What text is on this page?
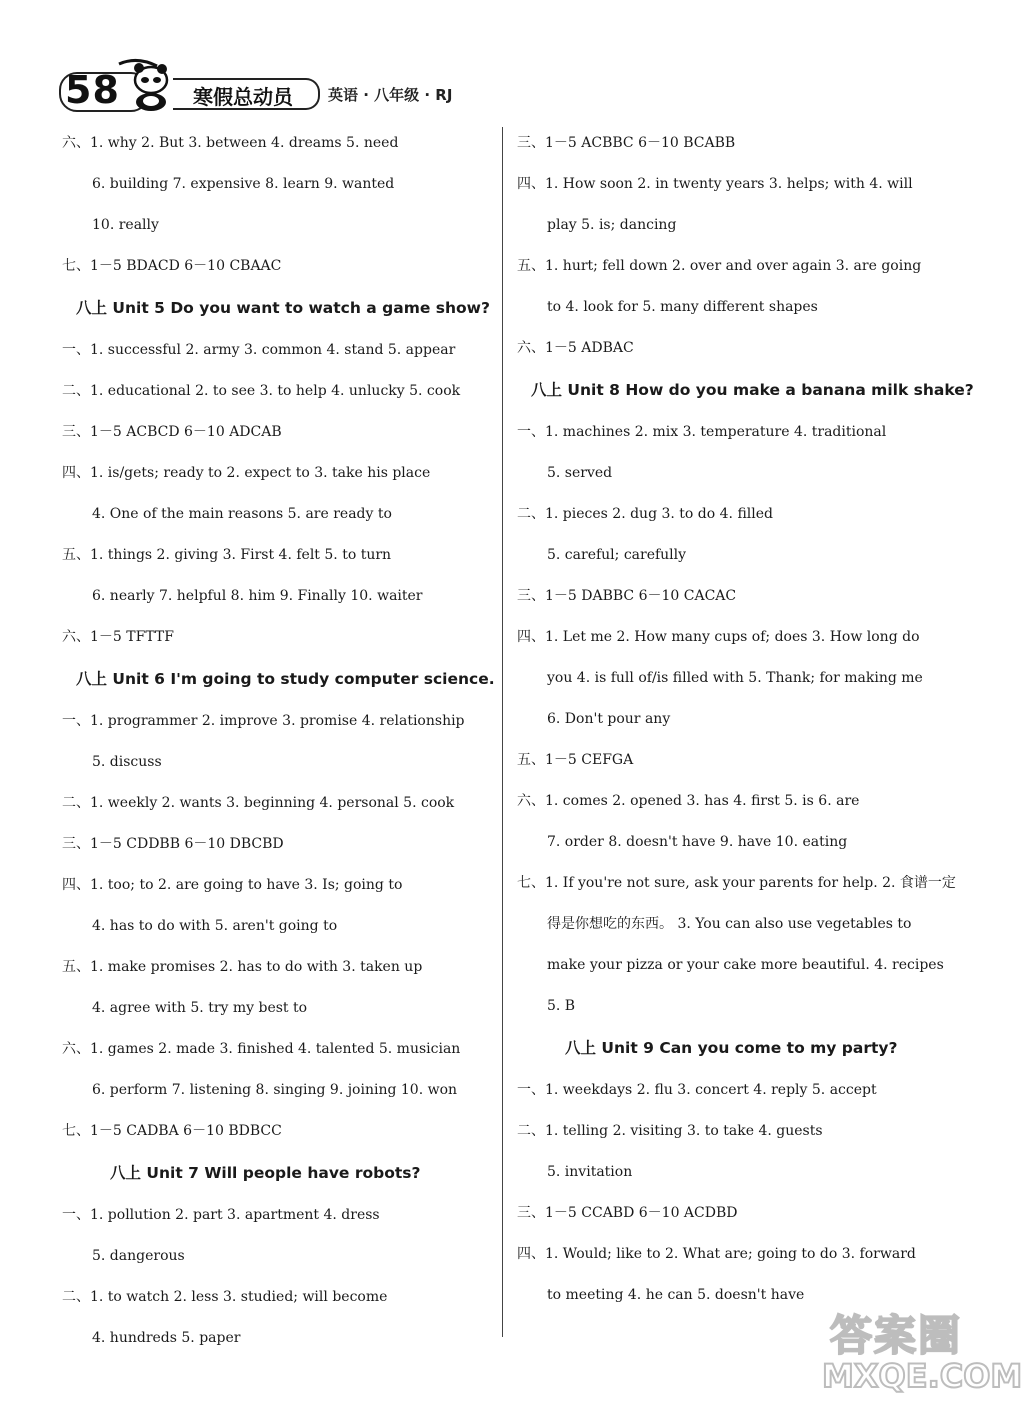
58	寒假总动员 英语 · 八年级 · RJ
六、1. why 2. But 3. between 4. dreams 5. need
6. building 7. expensive 8. learn 9. wanted
10. really
七、1－5 BDACD 6－10 CBAAC
八上 Unit 5 Do you want to watch a game show?
一、1. successful 2. army 3. common 4. stand 5. appear
二、1. educational 2. to see 3. to help 4. unlucky 5. cook
三、1－5 ACBCD 6－10 ADCAB
四、1. is/gets; ready to 2. expect to 3. take his place
4. One of the main reasons 5. are ready to
五、1. things 2. giving 3. First 4. felt 5. to turn
6. nearly 7. helpful 8. him 9. Finally 10. waiter
六、1－5 TFTTF
八上 Unit 6 I'm going to study computer science.
一、1. programmer 2. improve 3. promise 4. relationship
5. discuss
二、1. weekly 2. wants 3. beginning 4. personal 5. cook
三、1－5 CDDBB 6－10 DBCBD
四、1. too; to 2. are going to have 3. Is; going to
4. has to do with 5. aren't going to
五、1. make promises 2. has to do with 3. taken up
4. agree with 5. try my best to
六、1. games 2. made 3. finished 4. talented 5. musician
6. perform 7. listening 8. singing 9. joining 10. won
七、1－5 CADBA 6－10 BDBCC
八上 Unit 7 Will people have robots?
一、1. pollution 2. part 3. apartment 4. dress
5. dangerous
二、1. to watch 2. less 3. studied; will become
4. hundreds 5. paper
三、1－5 ACBBC 6－10 BCABB
四、1. How soon 2. in twenty years 3. helps; with 4. will
play 5. is; dancing
五、1. hurt; fell down 2. over and over again 3. are going
to 4. look for 5. many different shapes
六、1－5 ADBAC
八上 Unit 8 How do you make a banana milk shake?
一、1. machines 2. mix 3. temperature 4. traditional
5. served
二、1. pieces 2. dug 3. to do 4. filled
5. careful; carefully
三、1－5 DABBC 6－10 CACAC
四、1. Let me 2. How many cups of; does 3. How long do
you 4. is full of/is filled with 5. Thank; for making me
6. Don't pour any
五、1－5 CEFGA
六、1. comes 2. opened 3. has 4. first 5. is 6. are
7. order 8. doesn't have 9. have 10. eating
七、1. If you're not sure, ask your parents for help. 2. 食谱一定
得是你想吃的东西。 3. You can also use vegetables to
make your pizza or your cake more beautiful. 4. recipes
5. B
八上 Unit 9 Can you come to my party?
一、1. weekdays 2. flu 3. concert 4. reply 5. accept
二、1. telling 2. visiting 3. to take 4. guests
5. invitation
三、1－5 CCABD 6－10 ACDBD
四、1. Would; like to 2. What are; going to do 3. forward
to meeting 4. he can 5. doesn't have
答案圈
MXQE.COM
